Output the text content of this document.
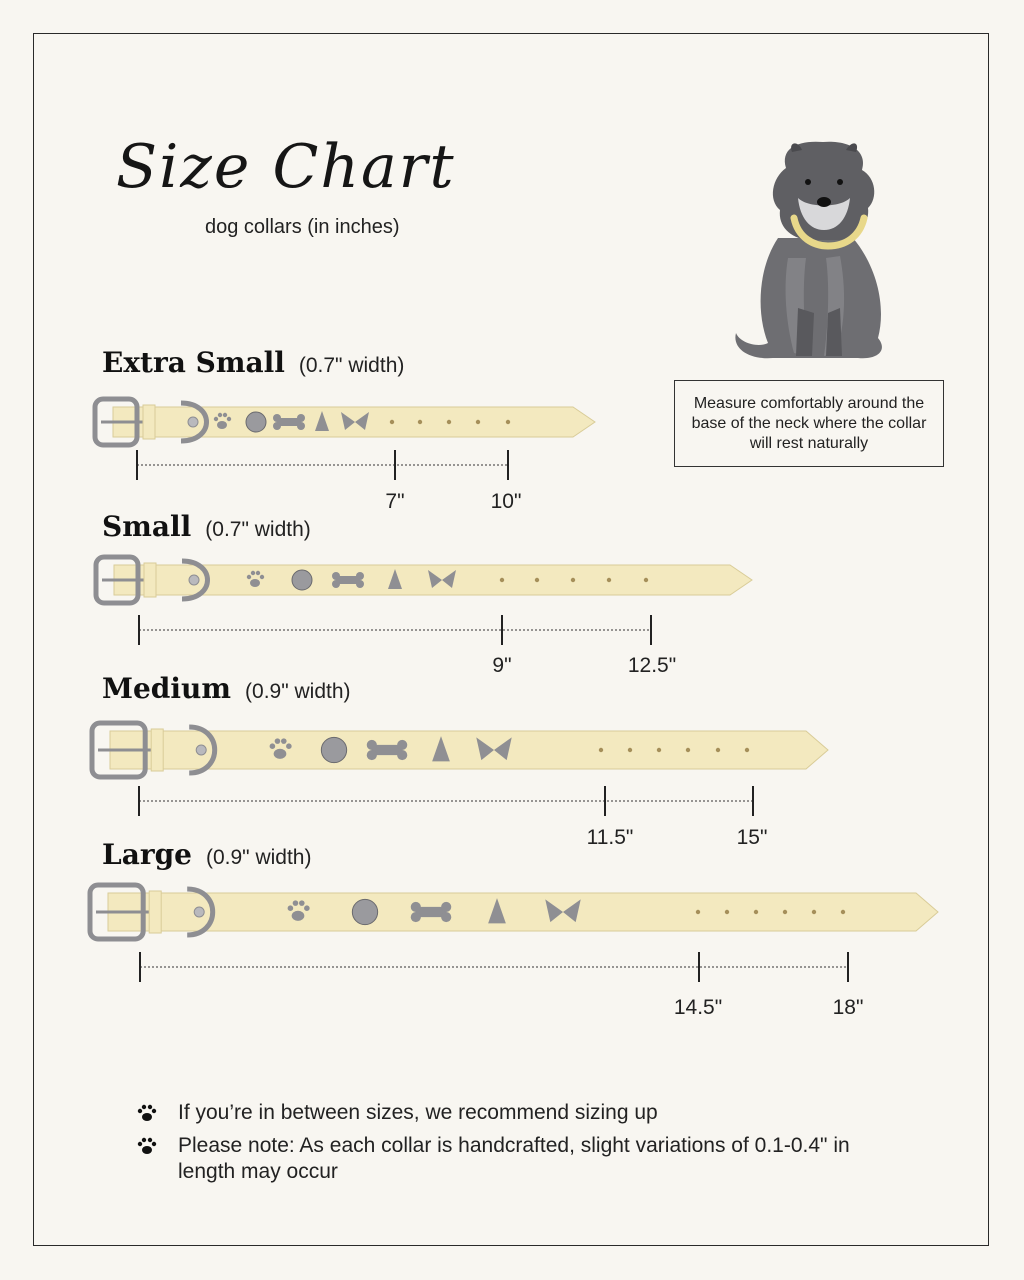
Size Chart
dog collars (in inches)
Measure comfortably around the base of the neck where the collar will rest naturally
Extra Small (0.7" width)
Small (0.7" width)
Medium (0.9" width)
Large (0.9" width)
7"	10"
9"	12.5"
11.5"	15"
14.5"	18"
If you’re in between sizes, we recommend sizing up
Please note: As each collar is handcrafted, slight variations of 0.1-0.4" in length may occur
